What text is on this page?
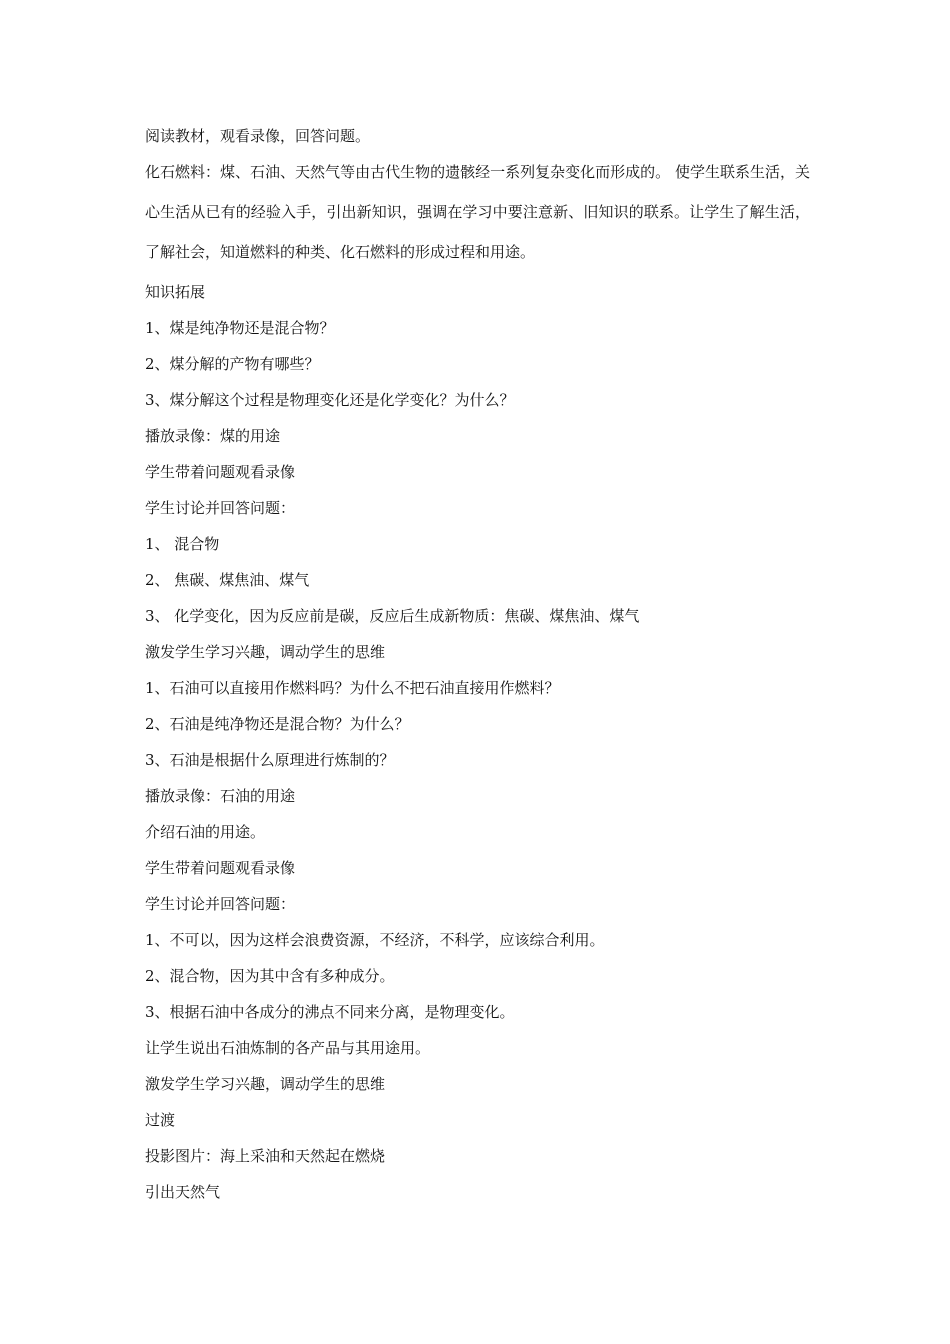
阅读教材，观看录像，回答问题。

化石燃料：煤、石油、天然气等由古代生物的遗骸经一系列复杂变化而形成的。 使学生联系生活，关心生活从已有的经验入手，引出新知识，强调在学习中要注意新、旧知识的联系。让学生了解生活，了解社会，知道燃料的种类、化石燃料的形成过程和用途。

知识拓展

1、煤是纯净物还是混合物？

2、煤分解的产物有哪些？

3、煤分解这个过程是物理变化还是化学变化？为什么？

播放录像：煤的用途

学生带着问题观看录像

学生讨论并回答问题：

1、 混合物

2、 焦碳、煤焦油、煤气

3、 化学变化，因为反应前是碳，反应后生成新物质：焦碳、煤焦油、煤气

激发学生学习兴趣，调动学生的思维

1、石油可以直接用作燃料吗？为什么不把石油直接用作燃料？

2、石油是纯净物还是混合物？为什么？

3、石油是根据什么原理进行炼制的？

播放录像：石油的用途

介绍石油的用途。

学生带着问题观看录像

学生讨论并回答问题：

1、不可以，因为这样会浪费资源，不经济，不科学，应该综合利用。

2、混合物，因为其中含有多种成分。

3、根据石油中各成分的沸点不同来分离，是物理变化。

让学生说出石油炼制的各产品与其用途用。

激发学生学习兴趣，调动学生的思维

过渡

投影图片：海上采油和天然起在燃烧

引出天然气
